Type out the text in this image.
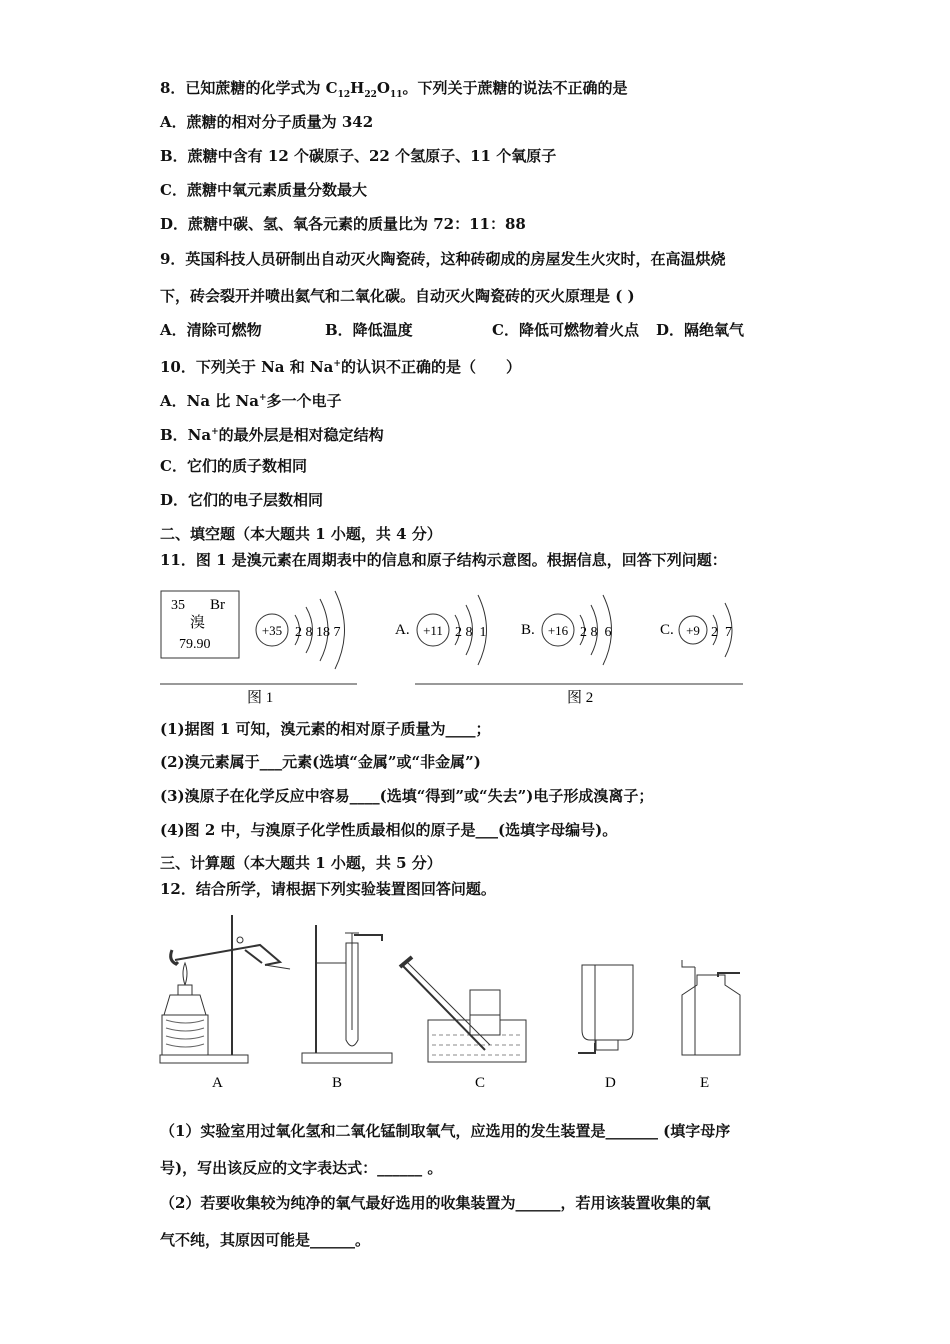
8．已知蔗糖的化学式为 $C_{12}H_{22}O_{11}$。下列关于蔗糖的说法不正确的是
A．蔗糖的相对分子质量为 342
B．蔗糖中含有 12 个碳原子、22 个氢原子、11 个氧原子
C．蔗糖中氧元素质量分数最大
D．蔗糖中碳、氢、氧各元素的质量比为 72：11：88
9．英国科技人员研制出自动灭火陶瓷砖，这种砖砌成的房屋发生火灾时，在高温烘烧
下，砖会裂开并喷出氦气和二氧化碳。自动灭火陶瓷砖的灭火原理是 ( )
A．清除可燃物	B．降低温度	C．降低可燃物着火点 D．隔绝氧气
10．下列关于 Na 和 Na+的认识不正确的是（　　）
A．Na 比 Na+多一个电子
B．Na+的最外层是相对稳定结构
C．它们的质子数相同
D．它们的电子层数相同
二、填空题（本大题共 1 小题，共 4 分）
11．图 1 是溴元素在周期表中的信息和原子结构示意图。根据信息，回答下列问题：
35 Br
溴
79.90
+35 2 8 18 7	A. +11 2 8  1 B. +16 2 8  6	C. +9 2  7
图 1	图 2
(1)据图 1 可知，溴元素的相对原子质量为____；
(2)溴元素属于___元素(选填“金属”或“非金属”)
(3)溴原子在化学反应中容易____(选填“得到”或“失去”)电子形成溴离子；
(4)图 2 中，与溴原子化学性质最相似的原子是___(选填字母编号)。
三、计算题（本大题共 1 小题，共 5 分）
12．结合所学，请根据下列实验装置图回答问题。
A	B	C	D	E
（1）实验室用过氧化氢和二氧化锰制取氧气，应选用的发生装置是_______ (填字母序
号)，写出该反应的文字表达式：______ 。
（2）若要收集较为纯净的氧气最好选用的收集装置为______，若用该装置收集的氧
气不纯，其原因可能是______。
